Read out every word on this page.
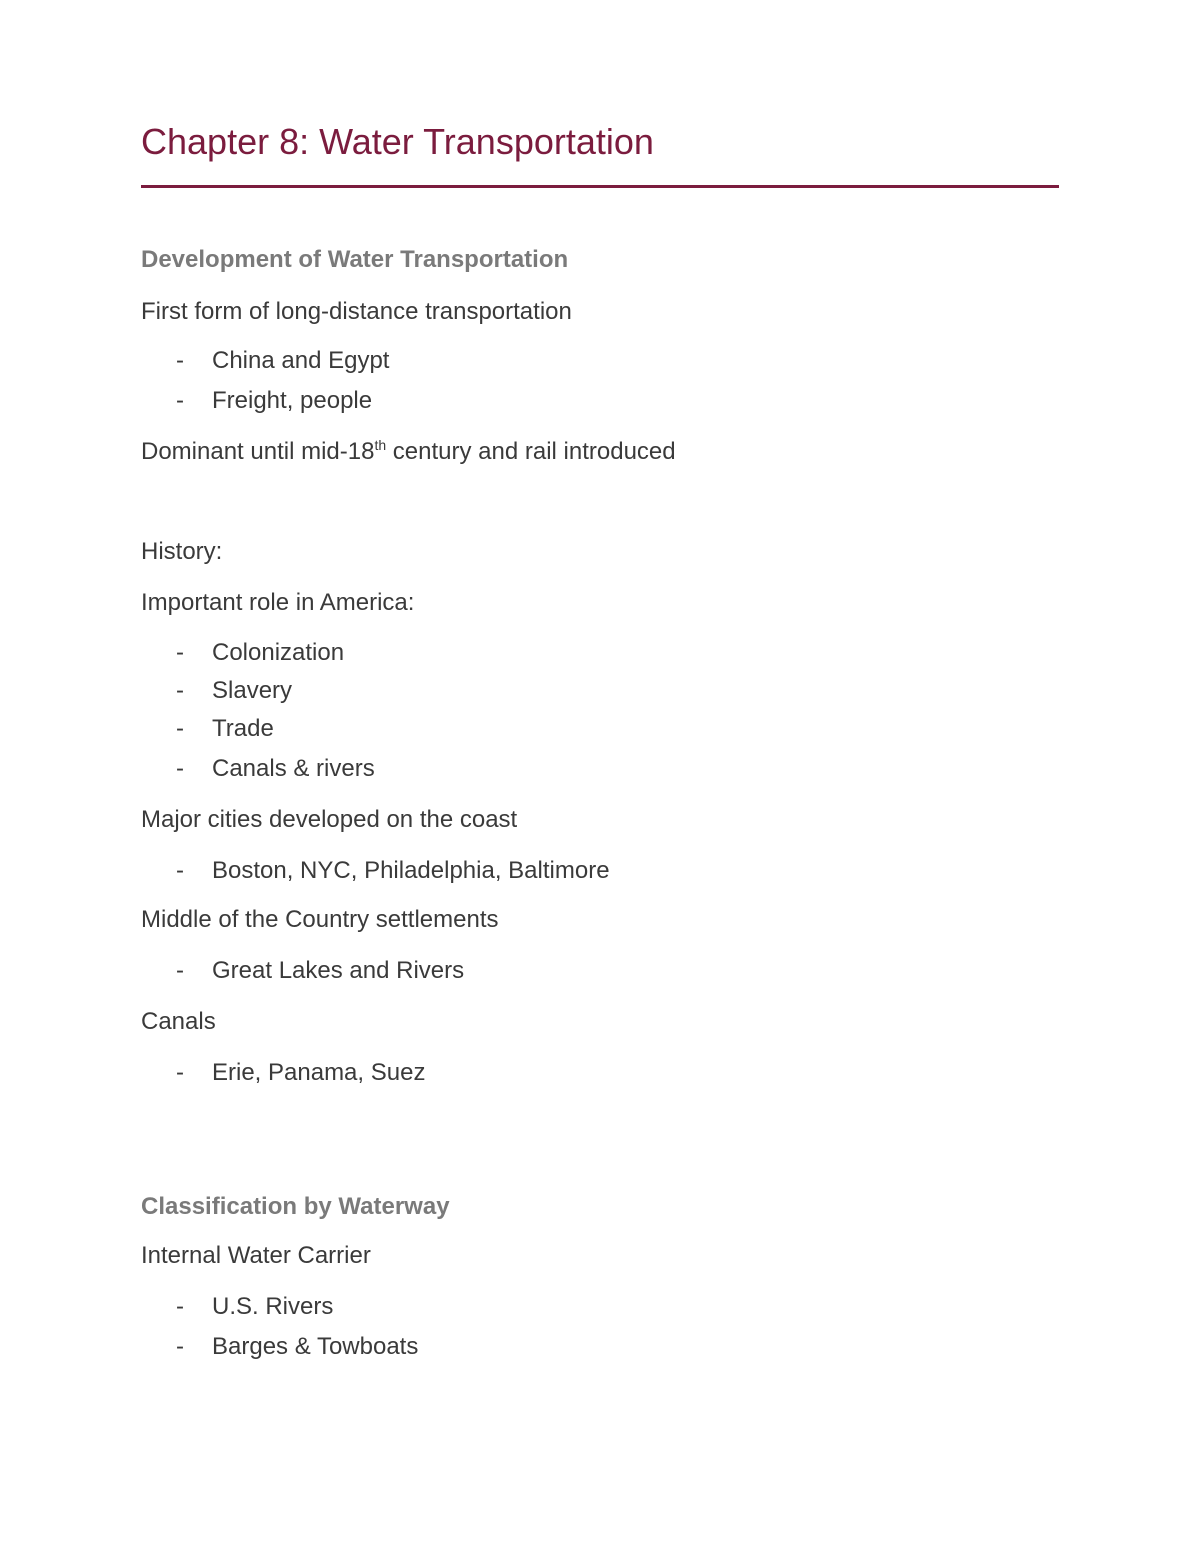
Chapter 8: Water Transportation
Development of Water Transportation
First form of long-distance transportation
- China and Egypt
- Freight, people
Dominant until mid-18th century and rail introduced
History:
Important role in America:
- Colonization
- Slavery
- Trade
- Canals & rivers
Major cities developed on the coast
- Boston, NYC, Philadelphia, Baltimore
Middle of the Country settlements
- Great Lakes and Rivers
Canals
- Erie, Panama, Suez
Classification by Waterway
Internal Water Carrier
- U.S. Rivers
- Barges & Towboats
